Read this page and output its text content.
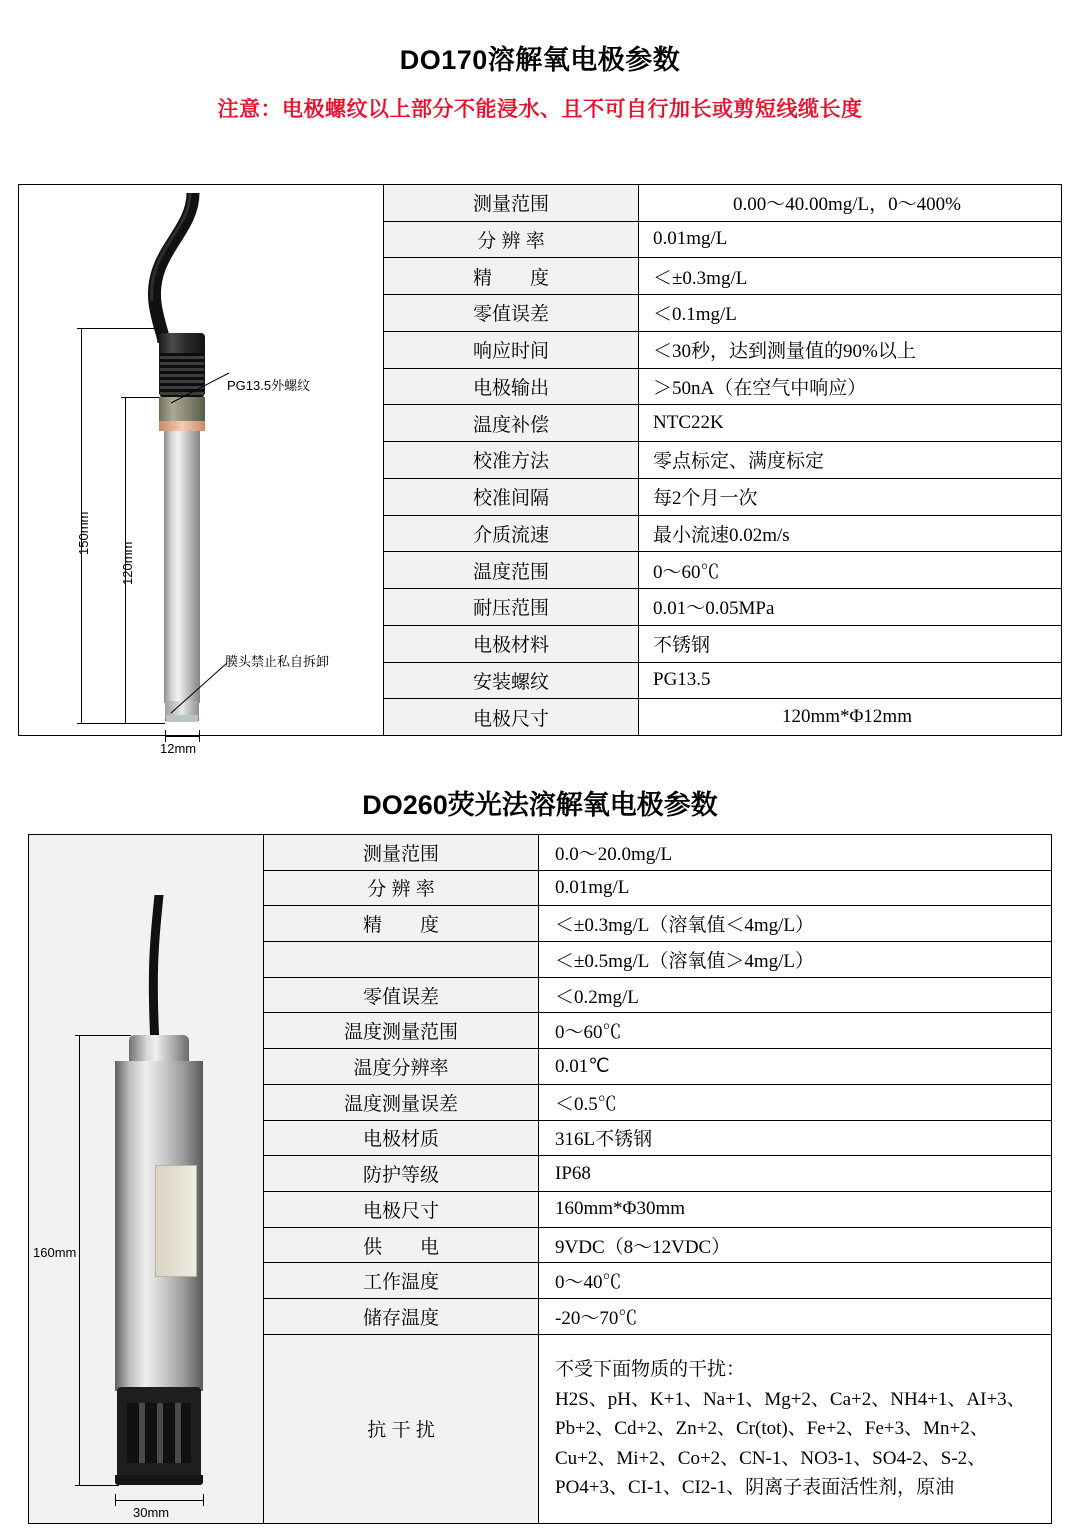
DO170溶解氧电极参数
注意：电极螺纹以上部分不能浸水、且不可自行加长或剪短线缆长度
PG13.5外螺纹
膜头禁止私自拆卸
150mm
120mm
12mm
测量范围	0.00～40.00mg/L，0～400%
分 辨 率	0.01mg/L
精　　度	＜±0.3mg/L
零值误差	＜0.1mg/L
响应时间	＜30秒，达到测量值的90%以上
电极输出	＞50nA（在空气中响应）
温度补偿	NTC22K
校准方法	零点标定、满度标定
校准间隔	每2个月一次
介质流速	最小流速0.02m/s
温度范围	0～60℃
耐压范围	0.01～0.05MPa
电极材料	不锈钢
安装螺纹	PG13.5
电极尺寸	120mm*Φ12mm
DO260荧光法溶解氧电极参数
160mm
30mm
测量范围	0.0～20.0mg/L
分 辨 率	0.01mg/L
精　　度	＜±0.3mg/L（溶氧值＜4mg/L）
	＜±0.5mg/L（溶氧值＞4mg/L）
零值误差	＜0.2mg/L
温度测量范围	0～60℃
温度分辨率	0.01℃
温度测量误差	＜0.5℃
电极材质	316L不锈钢
防护等级	IP68
电极尺寸	160mm*Φ30mm
供　　电	9VDC（8～12VDC）
工作温度	0～40℃
储存温度	-20～70℃
抗 干 扰	不受下面物质的干扰：
H2S、pH、K+1、Na+1、Mg+2、Ca+2、NH4+1、AI+3、
Pb+2、Cd+2、Zn+2、Cr(tot)、Fe+2、Fe+3、Mn+2、
Cu+2、Mi+2、Co+2、CN-1、NO3-1、SO4-2、S-2、
PO4+3、CI-1、CI2-1、阴离子表面活性剂，原油
